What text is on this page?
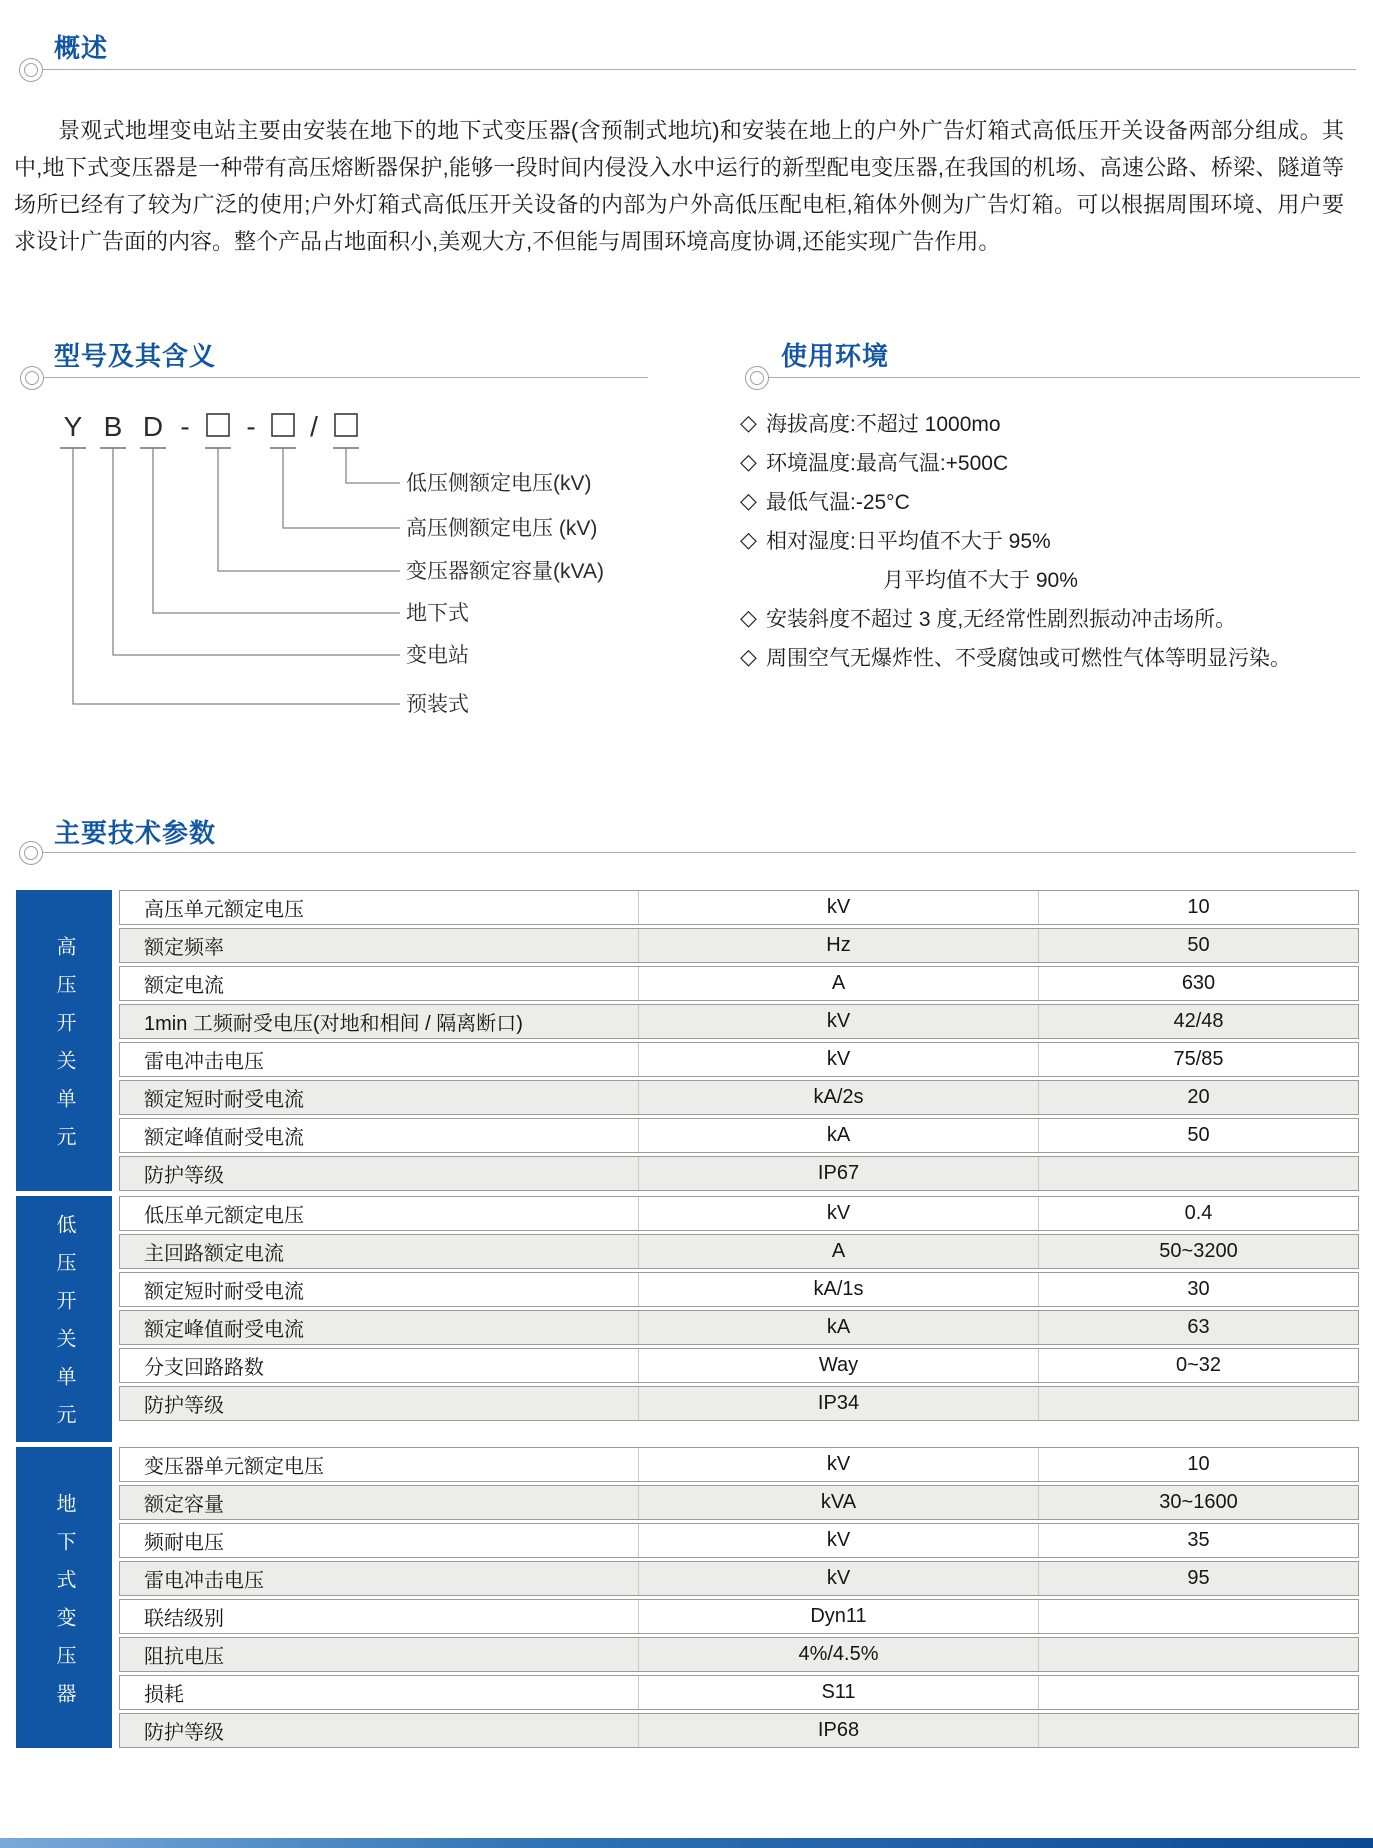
概述

景观式地埋变电站主要由安装在地下的地下式变压器(含预制式地坑)和安装在地上的户外广告灯箱式高低压开关设备两部分组成。其中,地下式变压器是一种带有高压熔断器保护,能够一段时间内侵没入水中运行的新型配电变压器,在我国的机场、高速公路、桥梁、隧道等场所已经有了较为广泛的使用;户外灯箱式高低压开关设备的内部为户外高低压配电柜,箱体外侧为广告灯箱。可以根据周围环境、用户要求设计广告面的内容。整个产品占地面积小,美观大方,不但能与周围环境高度协调,还能实现广告作用。

型号及其含义
Y B D - - /
低压侧额定电压(kV)
高压侧额定电压 (kV)
变压器额定容量(kVA)
地下式
变电站
预装式
使用环境
◇ 海拔高度:不超过 1000mo
◇ 环境温度:最高气温:+500C
◇ 最低气温:-25°C
◇ 相对湿度:日平均值不大于 95%
月平均值不大于 90%
◇ 安装斜度不超过 3 度,无经常性剧烈振动冲击场所。
◇ 周围空气无爆炸性、不受腐蚀或可燃性气体等明显污染。
主要技术参数
高压开关单元
高压单元额定电压	kV	10
额定频率	Hz	50
额定电流	A	630
1min 工频耐受电压(对地和相间 / 隔离断口)	kV	42/48
雷电冲击电压	kV	75/85
额定短时耐受电流	kA/2s	20
额定峰值耐受电流	kA	50
防护等级	IP67
低压开关单元	低压单元额定电压	kV	0.4
主回路额定电流	A	50~3200
额定短时耐受电流	kA/1s	30
额定峰值耐受电流	kA	63
分支回路路数	Way	0~32
防护等级	IP34
地下式变压器
变压器单元额定电压	kV	10
额定容量	kVA	30~1600
频耐电压	kV	35
雷电冲击电压	kV	95
联结级别	Dyn11
阻抗电压	4%/4.5%
损耗	S11
防护等级	IP68
